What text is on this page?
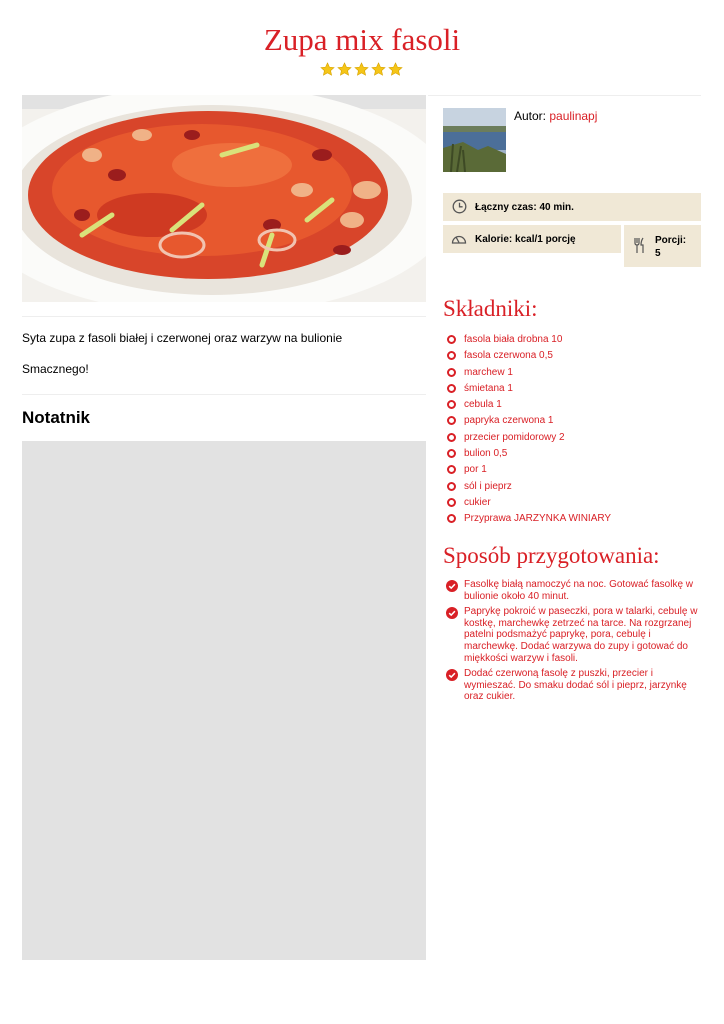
Zupa mix fasoli

Syta zupa z fasoli białej i czerwonej oraz warzyw na bulionie

Smacznego!

Notatnik

Autor: paulinapj

Łączny czas: 40 min.
Kalorie: kcal/1 porcję	Porcji:
5
Składniki:
fasola biała drobna 10
fasola czerwona 0,5
marchew 1
śmietana 1
cebula 1
papryka czerwona 1
przecier pomidorowy 2
bulion 0,5
por 1
sól i pieprz
cukier
Przyprawa JARZYNKA WINIARY
Sposób przygotowania:
Fasolkę białą namoczyć na noc. Gotować fasolkę w bulionie około 40 minut.
Paprykę pokroić w paseczki, pora w talarki, cebulę w kostkę, marchewkę zetrzeć na tarce. Na rozgrzanej patelni podsmażyć paprykę, pora, cebulę i marchewkę. Dodać warzywa do zupy i gotować do miękkości warzyw i fasoli.
Dodać czerwoną fasolę z puszki, przecier i wymieszać. Do smaku dodać sól i pieprz, jarzynkę oraz cukier.
